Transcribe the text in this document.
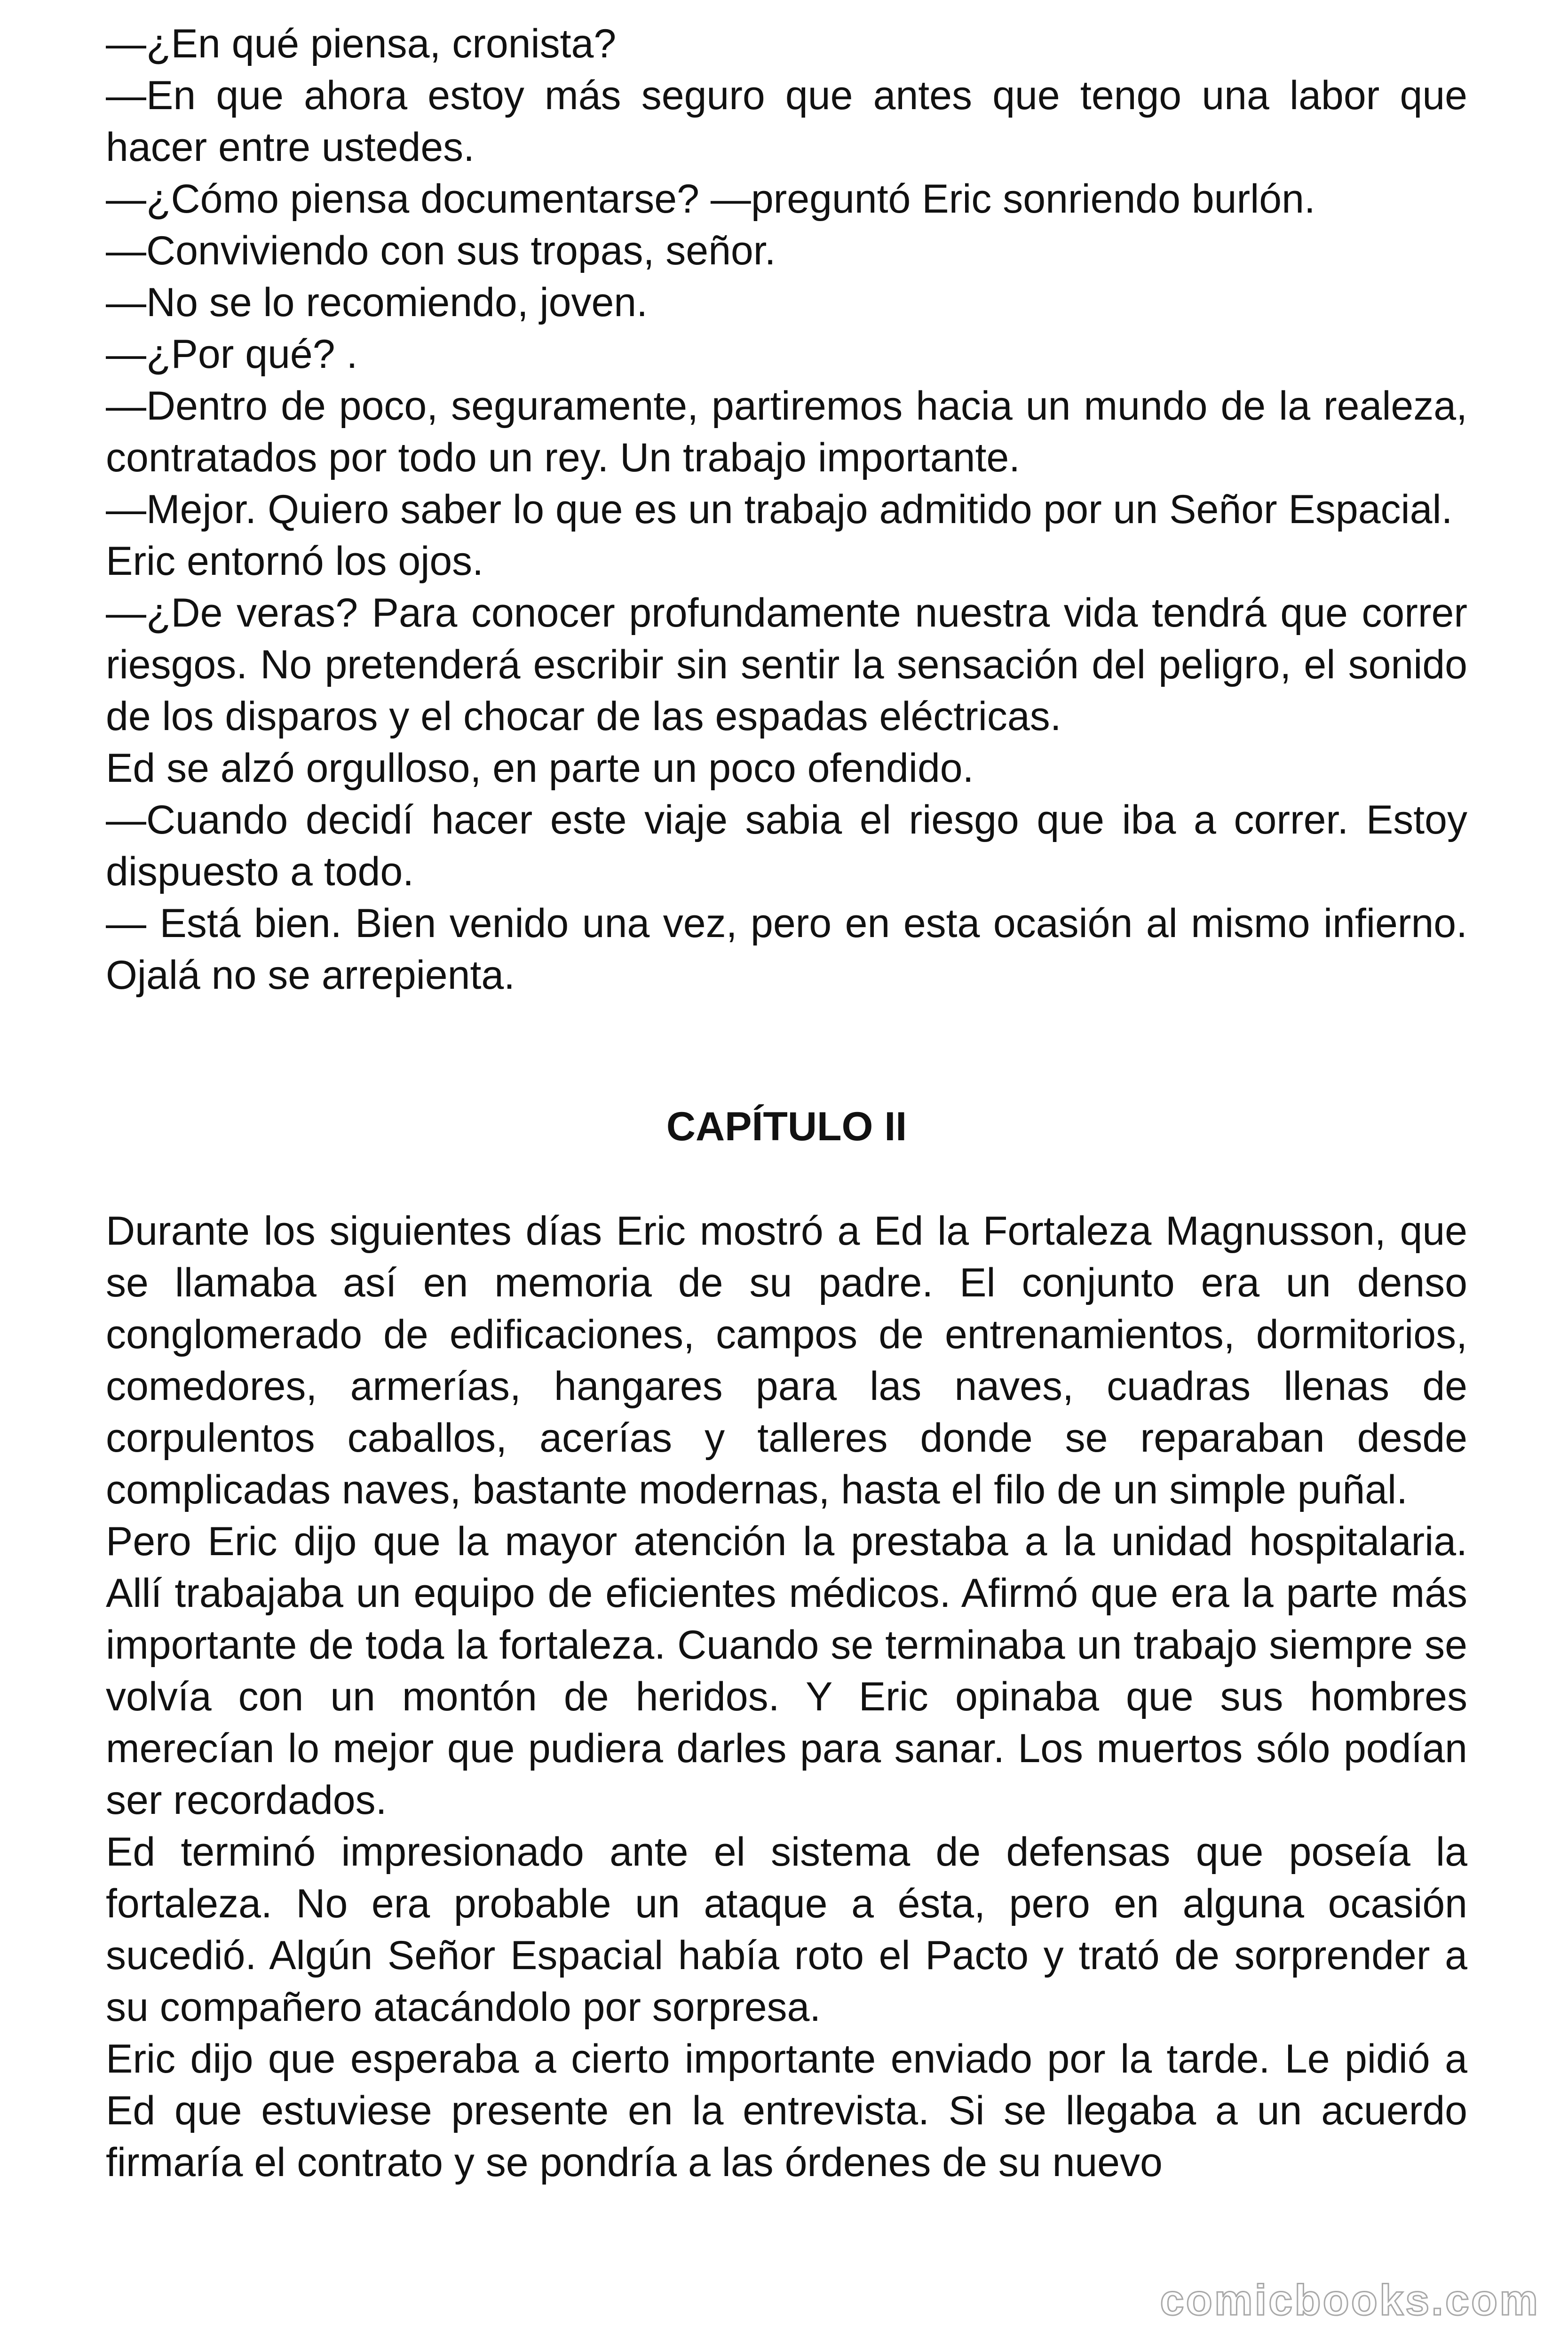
—¿En qué piensa, cronista?

—En que ahora estoy más seguro que antes que tengo una labor que hacer entre ustedes.

—¿Cómo piensa documentarse? —preguntó Eric sonriendo burlón.

—Conviviendo con sus tropas, señor.

—No se lo recomiendo, joven.

—¿Por qué? .

—Dentro de poco, seguramente, partiremos hacia un mundo de la realeza, contratados por todo un rey. Un trabajo importante.

—Mejor. Quiero saber lo que es un trabajo admitido por un Señor Espacial.

Eric entornó los ojos.

—¿De veras? Para conocer profundamente nuestra vida tendrá que correr riesgos. No pretenderá escribir sin sentir la sensación del peligro, el sonido de los disparos y el chocar de las espadas eléctricas.

Ed se alzó orgulloso, en parte un poco ofendido.

—Cuando decidí hacer este viaje sabia el riesgo que iba a correr. Estoy dispuesto a todo.

— Está bien. Bien venido una vez, pero en esta ocasión al mismo infierno. Ojalá no se arrepienta.

CAPÍTULO II

Durante los siguientes días Eric mostró a Ed la Fortaleza Magnusson, que se llamaba así en memoria de su padre. El conjunto era un denso conglomerado de edificaciones, campos de entrenamientos, dormitorios, comedores, armerías, hangares para las naves, cuadras llenas de corpulentos caballos, acerías y talleres donde se reparaban desde complicadas naves, bastante modernas, hasta el filo de un simple puñal.

Pero Eric dijo que la mayor atención la prestaba a la unidad hospitalaria. Allí trabajaba un equipo de eficientes médicos. Afirmó que era la parte más importante de toda la fortaleza. Cuando se terminaba un trabajo siempre se volvía con un montón de heridos. Y Eric opinaba que sus hombres merecían lo mejor que pudiera darles para sanar. Los muertos sólo podían ser recordados.

Ed terminó impresionado ante el sistema de defensas que poseía la fortaleza. No era probable un ataque a ésta, pero en alguna ocasión sucedió. Algún Señor Espacial había roto el Pacto y trató de sorprender a su compañero atacándolo por sorpresa.

Eric dijo que esperaba a cierto importante enviado por la tarde. Le pidió a Ed que estuviese presente en la entrevista. Si se llegaba a un acuerdo firmaría el contrato y se pondría a las órdenes de su nuevo

comicbooks.com
